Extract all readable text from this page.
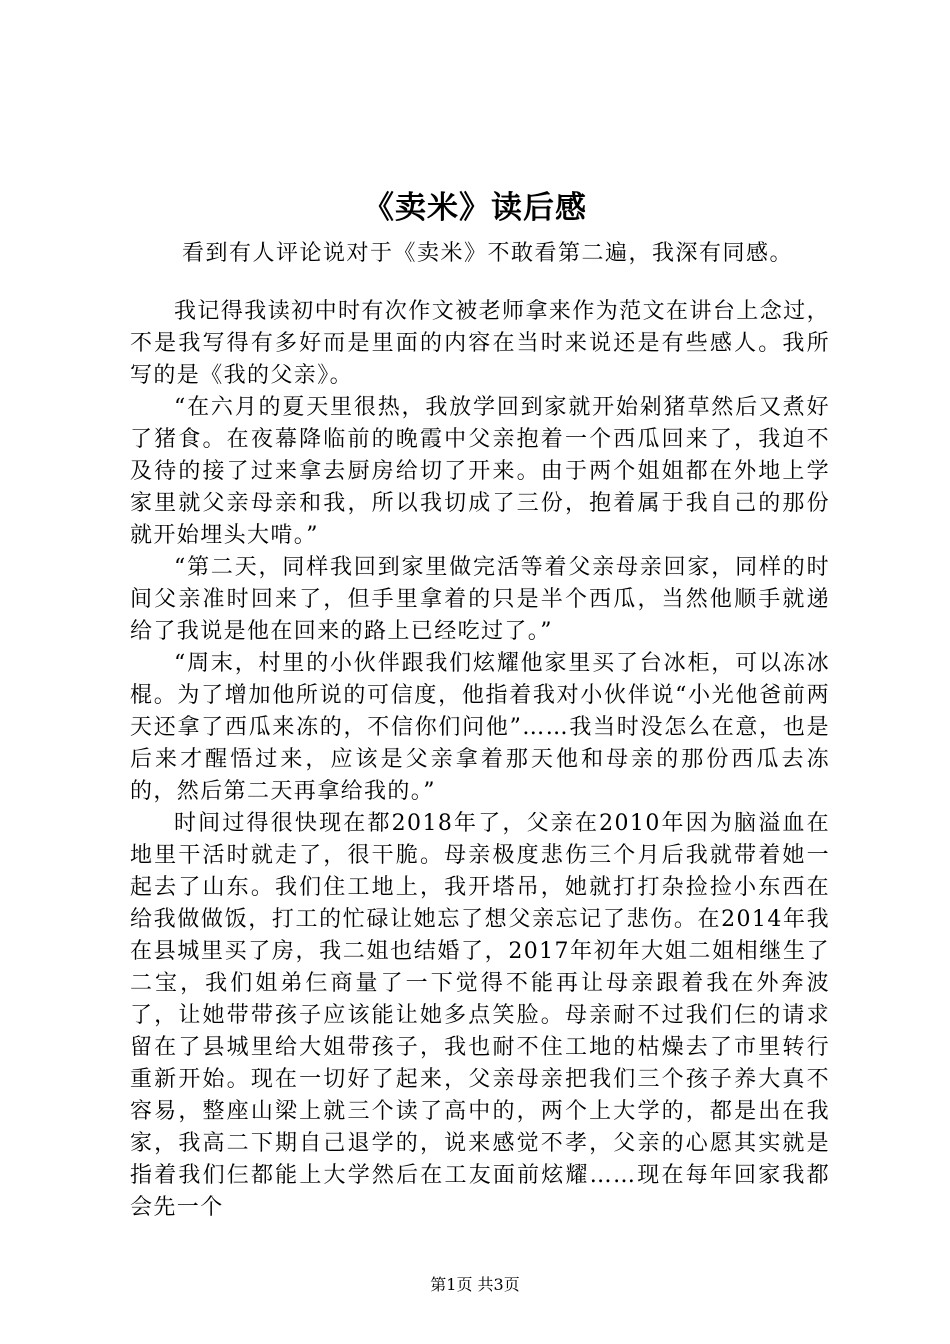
《卖米》读后感

看到有人评论说对于《卖米》不敢看第二遍，我深有同感。

我记得我读初中时有次作文被老师拿来作为范文在讲台上念过，不是我写得有多好而是里面的内容在当时来说还是有些感人。我所写的是《我的父亲》。

“在六月的夏天里很热，我放学回到家就开始剁猪草然后又煮好了猪食。在夜幕降临前的晚霞中父亲抱着一个西瓜回来了，我迫不及待的接了过来拿去厨房给切了开来。由于两个姐姐都在外地上学家里就父亲母亲和我，所以我切成了三份，抱着属于我自己的那份就开始埋头大啃。”

“第二天，同样我回到家里做完活等着父亲母亲回家，同样的时间父亲准时回来了，但手里拿着的只是半个西瓜，当然他顺手就递给了我说是他在回来的路上已经吃过了。”

“周末，村里的小伙伴跟我们炫耀他家里买了台冰柜，可以冻冰棍。为了增加他所说的可信度，他指着我对小伙伴说“小光他爸前两天还拿了西瓜来冻的，不信你们问他”……我当时没怎么在意，也是后来才醒悟过来，应该是父亲拿着那天他和母亲的那份西瓜去冻的，然后第二天再拿给我的。”

时间过得很快现在都2018年了，父亲在2010年因为脑溢血在地里干活时就走了，很干脆。母亲极度悲伤三个月后我就带着她一起去了山东。我们住工地上，我开塔吊，她就打打杂捡捡小东西在给我做做饭，打工的忙碌让她忘了想父亲忘记了悲伤。在2014年我在县城里买了房，我二姐也结婚了，2017年初年大姐二姐相继生了二宝，我们姐弟仨商量了一下觉得不能再让母亲跟着我在外奔波了，让她带带孩子应该能让她多点笑脸。母亲耐不过我们仨的请求留在了县城里给大姐带孩子，我也耐不住工地的枯燥去了市里转行重新开始。现在一切好了起来，父亲母亲把我们三个孩子养大真不容易，整座山梁上就三个读了高中的，两个上大学的，都是出在我家，我高二下期自己退学的，说来感觉不孝，父亲的心愿其实就是指着我们仨都能上大学然后在工友面前炫耀……现在每年回家我都会先一个

第1页 共3页
